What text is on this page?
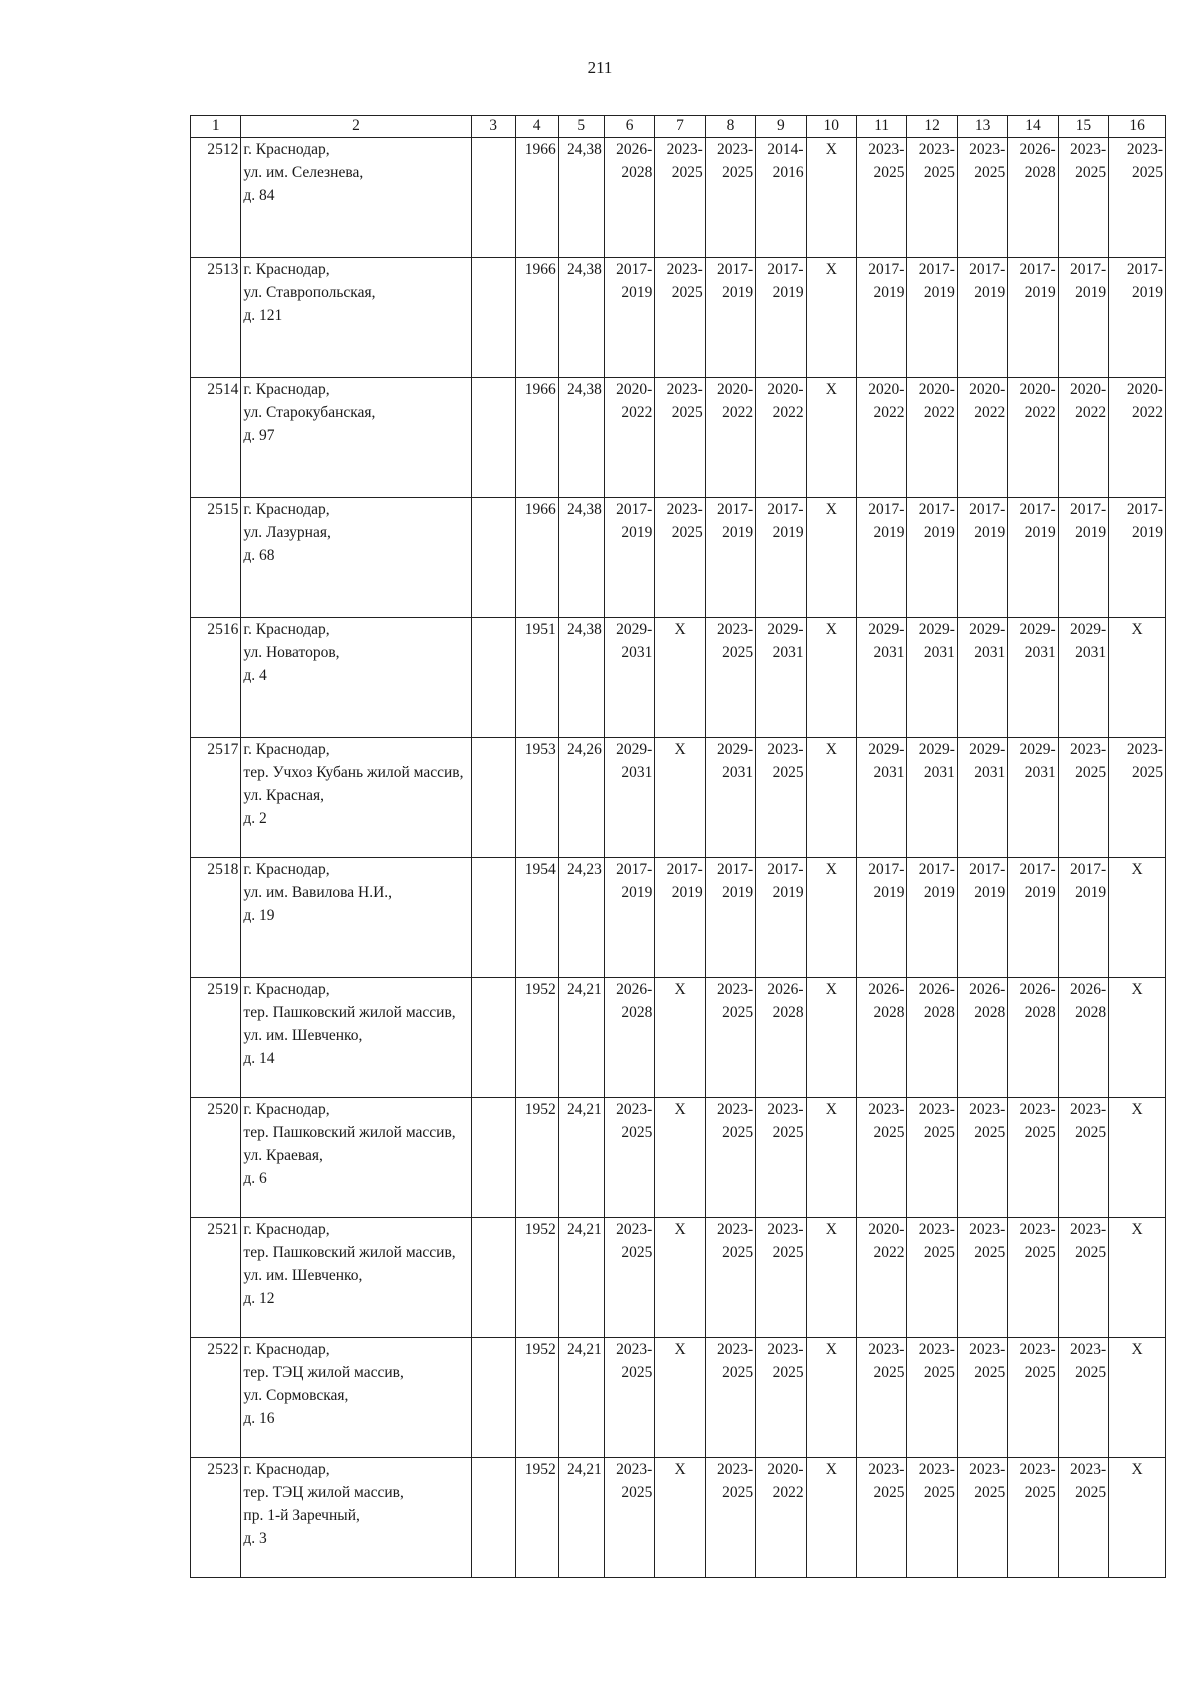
211
1	2	3	4	5	6	7	8	9	10	11	12	13	14	15	16
2512	г. Краснодар,
ул. им. Селезнева,
д. 84		1966	24,38	2026-2028	2023-2025	2023-2025	2014-2016	X	2023-2025	2023-2025	2023-2025	2026-2028	2023-2025	2023-2025
2513	г. Краснодар,
ул. Ставропольская,
д. 121		1966	24,38	2017-2019	2023-2025	2017-2019	2017-2019	X	2017-2019	2017-2019	2017-2019	2017-2019	2017-2019	2017-2019
2514	г. Краснодар,
ул. Старокубанская,
д. 97		1966	24,38	2020-2022	2023-2025	2020-2022	2020-2022	X	2020-2022	2020-2022	2020-2022	2020-2022	2020-2022	2020-2022
2515	г. Краснодар,
ул. Лазурная,
д. 68		1966	24,38	2017-2019	2023-2025	2017-2019	2017-2019	X	2017-2019	2017-2019	2017-2019	2017-2019	2017-2019	2017-2019
2516	г. Краснодар,
ул. Новаторов,
д. 4		1951	24,38	2029-2031	X	2023-2025	2029-2031	X	2029-2031	2029-2031	2029-2031	2029-2031	2029-2031	X
2517	г. Краснодар,
тер. Учхоз Кубань жилой массив,
ул. Красная,
д. 2		1953	24,26	2029-2031	X	2029-2031	2023-2025	X	2029-2031	2029-2031	2029-2031	2029-2031	2023-2025	2023-2025
2518	г. Краснодар,
ул. им. Вавилова Н.И.,
д. 19		1954	24,23	2017-2019	2017-2019	2017-2019	2017-2019	X	2017-2019	2017-2019	2017-2019	2017-2019	2017-2019	X
2519	г. Краснодар,
тер. Пашковский жилой массив,
ул. им. Шевченко,
д. 14		1952	24,21	2026-2028	X	2023-2025	2026-2028	X	2026-2028	2026-2028	2026-2028	2026-2028	2026-2028	X
2520	г. Краснодар,
тер. Пашковский жилой массив,
ул. Краевая,
д. 6		1952	24,21	2023-2025	X	2023-2025	2023-2025	X	2023-2025	2023-2025	2023-2025	2023-2025	2023-2025	X
2521	г. Краснодар,
тер. Пашковский жилой массив,
ул. им. Шевченко,
д. 12		1952	24,21	2023-2025	X	2023-2025	2023-2025	X	2020-2022	2023-2025	2023-2025	2023-2025	2023-2025	X
2522	г. Краснодар,
тер. ТЭЦ жилой массив,
ул. Сормовская,
д. 16		1952	24,21	2023-2025	X	2023-2025	2023-2025	X	2023-2025	2023-2025	2023-2025	2023-2025	2023-2025	X
2523	г. Краснодар,
тер. ТЭЦ жилой массив,
пр. 1-й Заречный,
д. 3		1952	24,21	2023-2025	X	2023-2025	2020-2022	X	2023-2025	2023-2025	2023-2025	2023-2025	2023-2025	X
